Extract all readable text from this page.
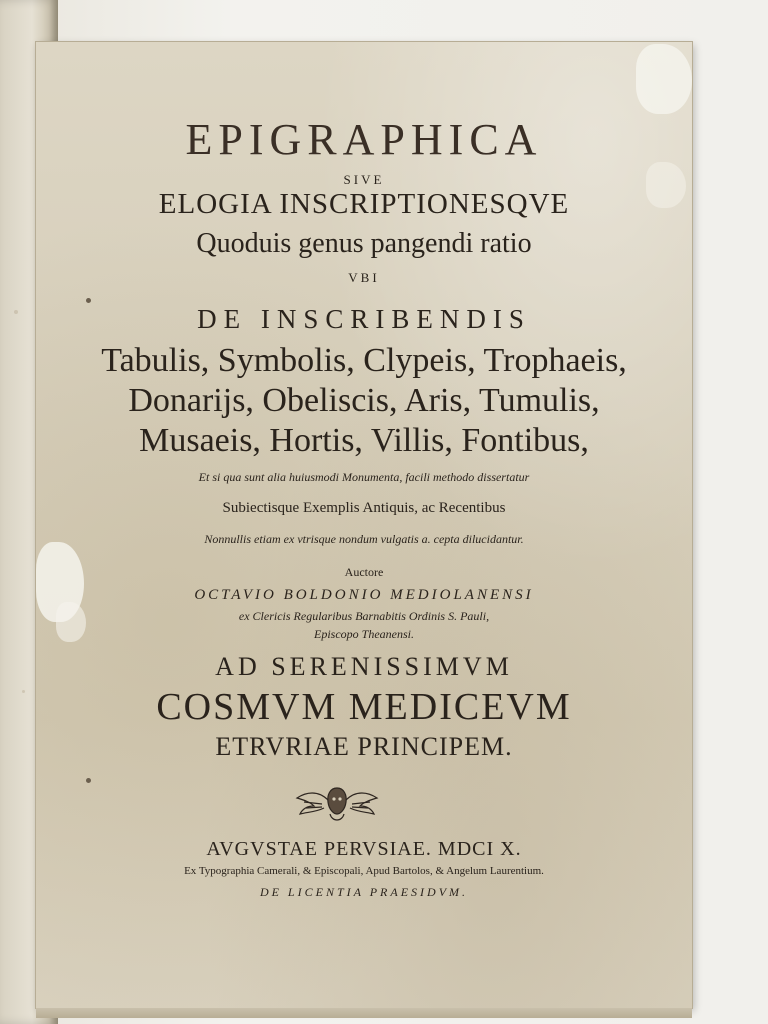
EPIGRAPHICA
SIVE
ELOGIA INSCRIPTIONESQVE
Quoduis genus pangendi ratio
VBI
DE INSCRIBENDIS
Tabulis, Symbolis, Clypeis, Trophaeis,
Donarijs, Obeliscis, Aris, Tumulis,
Musaeis, Hortis, Villis, Fontibus,
Et si qua sunt alia huiusmodi Monumenta, facili methodo dissertatur
Subiectisque Exemplis Antiquis, ac Recentibus
Nonnullis etiam ex vtrisque nondum vulgatis a. cepta dilucidantur.
Auctore
OCTAVIO BOLDONIO MEDIOLANENSI
ex Clericis Regularibus Barnabitis Ordinis S. Pauli,
Episcopo Theanensi.
AD SERENISSIMVM
COSMVM MEDICEVM
ETRVRIAE PRINCIPEM.
AVGVSTAE PERVSIAE. MDCI X.
Ex Typographia Camerali, & Episcopali, Apud Bartolos, & Angelum Laurentium.
DE LICENTIA PRAESIDVM.
